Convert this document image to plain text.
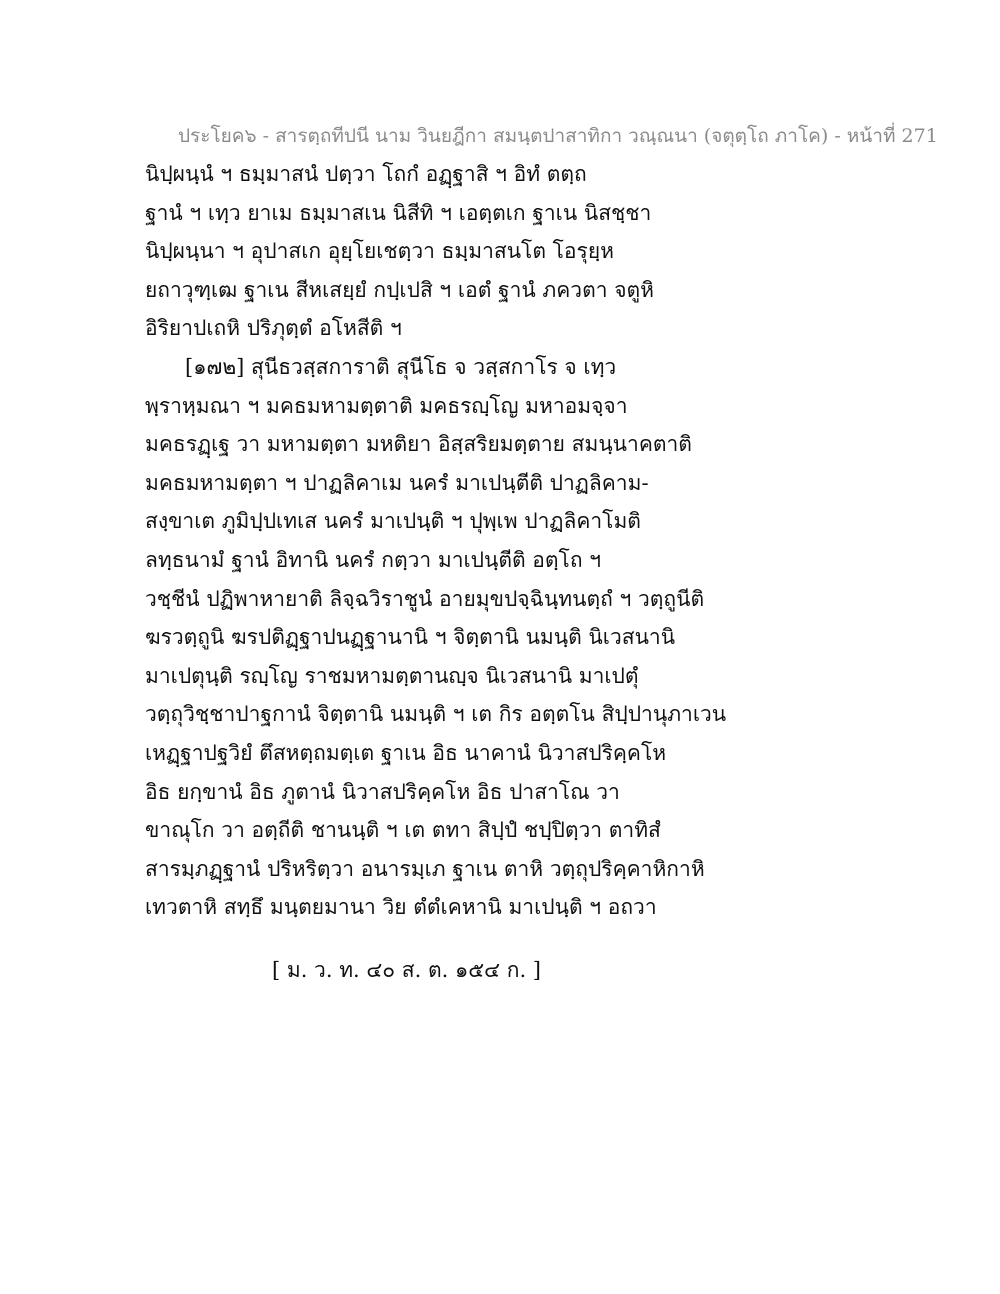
ประโยค๖ - สารตฺถทีปนี นาม วินยฎีกา สมนฺตปาสาทิกา วณฺณนา (จตุตฺโถ ภาโค) - หน้าที่ 271
นิปฺผนฺนํ ฯ ธมฺมาสนํ ปตฺวา โถกํ อฏฺฐาสิ ฯ อิทํ ตตฺถ
ฐานํ ฯ เทฺว ยาเม ธมฺมาสเน นิสีทิ ฯ เอตฺตเก ฐาเน นิสชฺชา
นิปฺผนฺนา ฯ อุปาสเก อุยฺโยเชตฺวา ธมฺมาสนโต โอรุยฺห
ยถาวุฑฺเฒ ฐาเน สีหเสยฺยํ กปฺเปสิ ฯ เอตํ ฐานํ ภควตา จตูหิ
อิริยาปเถหิ ปริภุตฺตํ อโหสีติ ฯ
[๑๗๒] สุนีธวสฺสการาติ สุนีโธ จ วสฺสกาโร จ เทฺว
พฺราหฺมณา ฯ มคธมหามตฺตาติ มคธรญฺโญ มหาอมจฺจา
มคธรฏฺเฐ วา มหามตฺตา มหติยา อิสฺสริยมตฺตาย สมนฺนาคตาติ
มคธมหามตฺตา ฯ ปาฏลิคาเม นครํ มาเปนฺตีติ ปาฏลิคาม-
สงฺขาเต ภูมิปฺปเทเส นครํ มาเปนฺติ ฯ ปุพฺเพ ปาฏลิคาโมติ
ลทฺธนามํ ฐานํ อิทานิ นครํ กตฺวา มาเปนฺตีติ อตฺโถ ฯ
วชฺชีนํ ปฏิพาหายาติ ลิจฺฉวิราชูนํ อายมุขปจฺฉินฺทนตฺถํ ฯ วตฺถูนีติ
ฆรวตฺถูนิ ฆรปติฏฺฐาปนฏฺฐานานิ ฯ จิตฺตานิ นมนฺติ นิเวสนานิ
มาเปตุนฺติ รญฺโญ ราชมหามตฺตานญฺจ นิเวสนานิ มาเปตุํ
วตฺถุวิชฺชาปาฐกานํ จิตฺตานิ นมนฺติ ฯ เต กิร อตฺตโน สิปฺปานุภาเวน
เหฏฺฐาปฐวิยํ ตึสหตฺถมตฺเต ฐาเน อิธ นาคานํ นิวาสปริคฺคโห
อิธ ยกฺขานํ อิธ ภูตานํ นิวาสปริคฺคโห อิธ ปาสาโณ วา
ขาณุโก วา อตฺถีติ ชานนฺติ ฯ เต ตทา สิปฺปํ ชปฺปิตฺวา ตาทิสํ
สารมฺภฏฺฐานํ ปริหริตฺวา อนารมฺเภ ฐาเน ตาหิ วตฺถุปริคฺคาหิกาหิ
เทวตาหิ สทฺธึ มนฺตยมานา วิย ตํตํเคหานิ มาเปนฺติ ฯ อถวา
[ ม. ว. ท. ๔๐ ส. ต. ๑๕๔ ก. ]
